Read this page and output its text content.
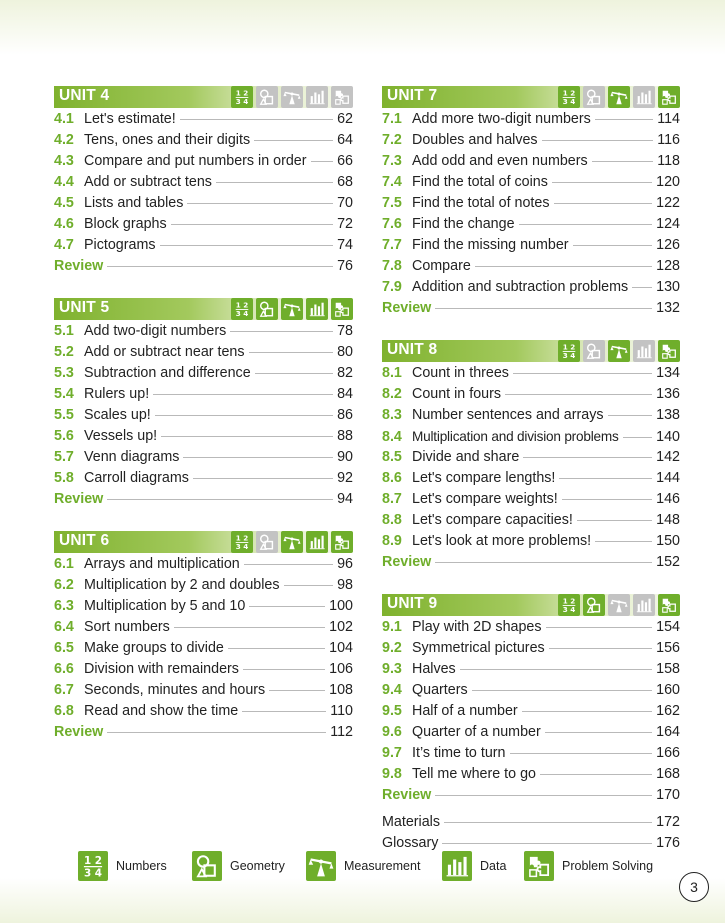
UNIT 4	1 2
3 4
4.1 Let's estimate!	62
4.2 Tens, ones and their digits	64
4.3 Compare and put numbers in order 66
4.4 Add or subtract tens	68
4.5 Lists and tables	70
4.6 Block graphs	72
4.7 Pictograms	74
Review	76
UNIT 5	1 2
3 4
5.1 Add two-digit numbers	78
5.2 Add or subtract near tens	80
5.3 Subtraction and difference	82
5.4 Rulers up!	84
5.5 Scales up!	86
5.6 Vessels up!	88
5.7 Venn diagrams	90
5.8 Carroll diagrams	92
Review	94
UNIT 6	1 2
3 4
6.1 Arrays and multiplication	96
6.2 Multiplication by 2 and doubles	98
6.3 Multiplication by 5 and 10	100
6.4 Sort numbers	102
6.5 Make groups to divide	104
6.6 Division with remainders	106
6.7 Seconds, minutes and hours	108
6.8 Read and show the time	110
Review	112
UNIT 7	1 2
3 4
7.1 Add more two-digit numbers	114
7.2 Doubles and halves	116
7.3 Add odd and even numbers	118
7.4 Find the total of coins	120
7.5 Find the total of notes	122
7.6 Find the change	124
7.7 Find the missing number	126
7.8 Compare	128
7.9 Addition and subtraction problems 130
Review	132
UNIT 8	1 2
3 4
8.1 Count in threes	134
8.2 Count in fours	136
8.3 Number sentences and arrays	138
8.4 Multiplication and division problems	140
8.5 Divide and share	142
8.6 Let's compare lengths!	144
8.7 Let's compare weights!	146
8.8 Let's compare capacities!	148
8.9 Let's look at more problems!	150
Review	152
UNIT 9	1 2
3 4
9.1 Play with 2D shapes	154
9.2 Symmetrical pictures	156
9.3 Halves	158
9.4 Quarters	160
9.5 Half of a number	162
9.6 Quarter of a number	164
9.7 It’s time to turn	166
9.8 Tell me where to go	168
Review	170
Materials	172
Glossary	176
1 2
3 4
Numbers	Geometry	Measurement	Data	Problem Solving
3
